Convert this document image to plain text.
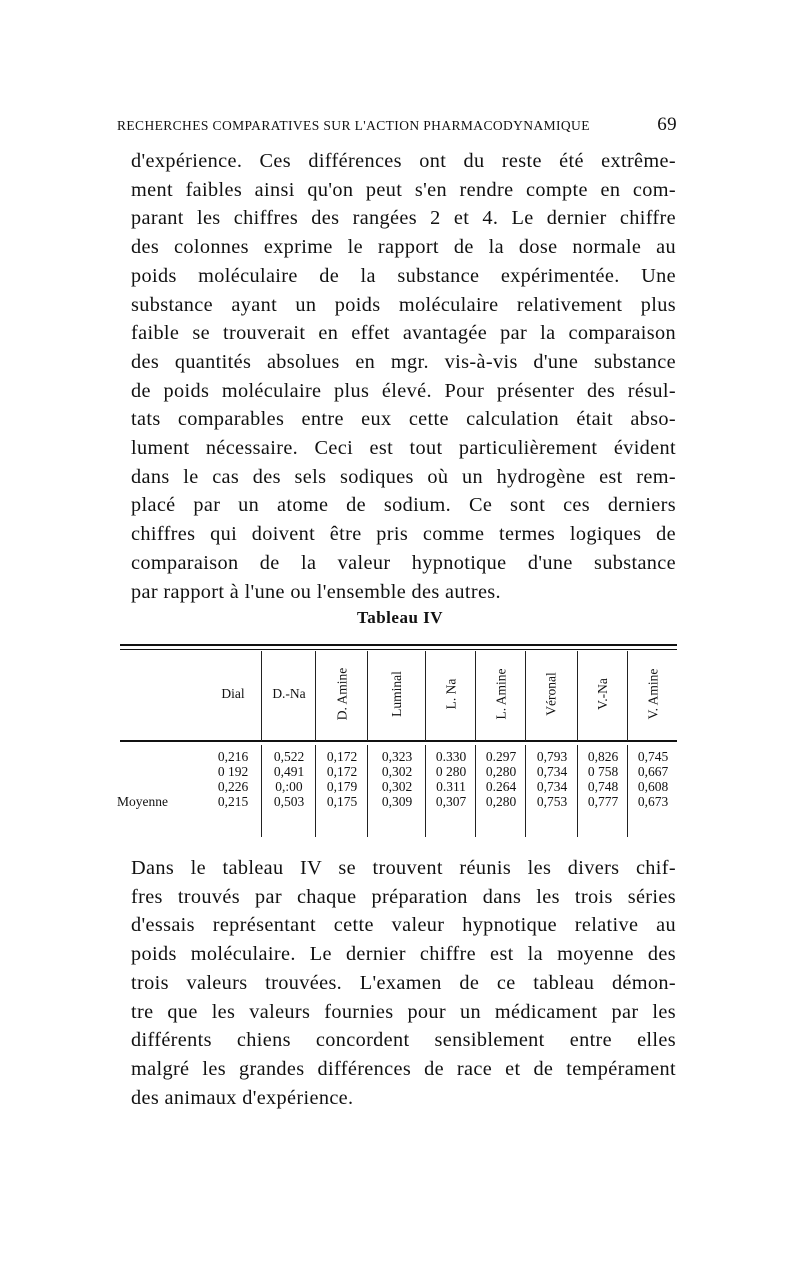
RECHERCHES COMPARATIVES SUR L'ACTION PHARMACODYNAMIQUE	69
d'expérience. Ces différences ont du reste été extrême-
ment faibles ainsi qu'on peut s'en rendre compte en com-
parant les chiffres des rangées 2 et 4. Le dernier chiffre
des colonnes exprime le rapport de la dose normale au
poids moléculaire de la substance expérimentée. Une
substance ayant un poids moléculaire relativement plus
faible se trouverait en effet avantagée par la comparaison
des quantités absolues en mgr. vis-à-vis d'une substance
de poids moléculaire plus élevé. Pour présenter des résul-
tats comparables entre eux cette calculation était abso-
lument nécessaire. Ceci est tout particulièrement évident
dans le cas des sels sodiques où un hydrogène est rem-
placé par un atome de sodium. Ce sont ces derniers
chiffres qui doivent être pris comme termes logiques de
comparaison de la valeur hypnotique d'une substance
par rapport à l'une ou l'ensemble des autres.
Tableau IV
Moyenne
Dial
0,216
0 192
0,226
0,215
D.-Na
0,522
0,491
0,:00
0,503
D. Amine
0,172
0,172
0,179
0,175
Luminal
0,323
0,302
0,302
0,309
L. Na
0.330
0 280
0.311
0,307
L. Amine
0.297
0,280
0.264
0,280
Véronal
0,793
0,734
0,734
0,753
V.-Na
0,826
0 758
0,748
0,777
V. Amine
0,745
0,667
0,608
0,673
Dans le tableau IV se trouvent réunis les divers chif-
fres trouvés par chaque préparation dans les trois séries
d'essais représentant cette valeur hypnotique relative au
poids moléculaire. Le dernier chiffre est la moyenne des
trois valeurs trouvées. L'examen de ce tableau démon-
tre que les valeurs fournies pour un médicament par les
différents chiens concordent sensiblement entre elles
malgré les grandes différences de race et de tempérament
des animaux d'expérience.
